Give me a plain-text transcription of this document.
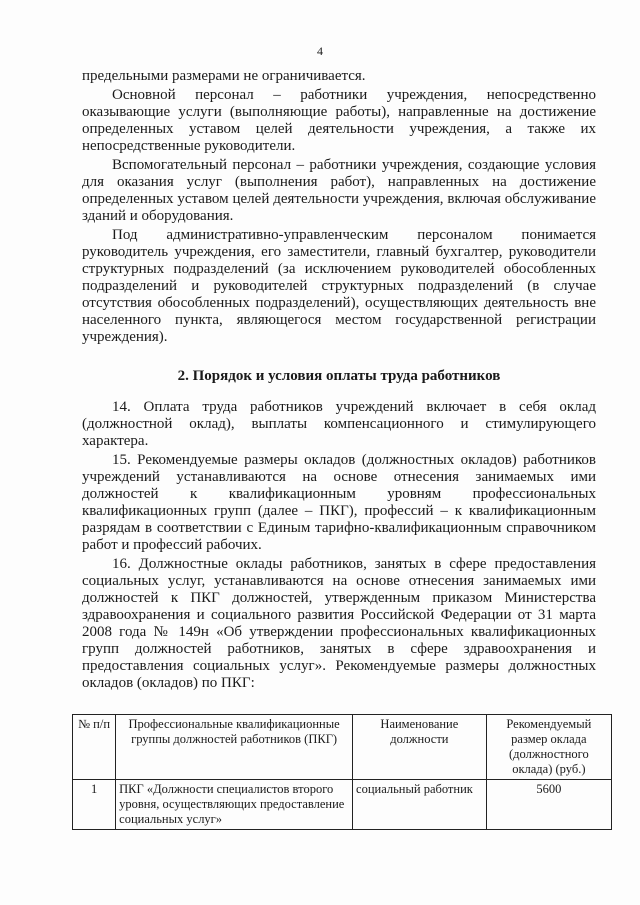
4

предельными размерами не ограничивается.

Основной персонал – работники учреждения, непосредственно оказывающие услуги (выполняющие работы), направленные на достижение определенных уставом целей деятельности учреждения, а также их непосредственные руководители.

Вспомогательный персонал – работники учреждения, создающие условия для оказания услуг (выполнения работ), направленных на достижение определенных уставом целей деятельности учреждения, включая обслуживание зданий и оборудования.

Под административно-управленческим персоналом понимается руководитель учреждения, его заместители, главный бухгалтер, руководители структурных подразделений (за исключением руководителей обособленных подразделений и руководителей структурных подразделений (в случае отсутствия обособленных подразделений), осуществляющих деятельность вне населенного пункта, являющегося местом государственной регистрации учреждения).

2. Порядок и условия оплаты труда работников

14. Оплата труда работников учреждений включает в себя оклад (должностной оклад), выплаты компенсационного и стимулирующего характера.

15. Рекомендуемые размеры окладов (должностных окладов) работников учреждений устанавливаются на основе отнесения занимаемых ими должностей к квалификационным уровням профессиональных квалификационных групп (далее – ПКГ), профессий – к квалификационным разрядам в соответствии с Единым тарифно-квалификационным справочником работ и профессий рабочих.

16. Должностные оклады работников, занятых в сфере предоставления социальных услуг, устанавливаются на основе отнесения занимаемых ими должностей к ПКГ должностей, утвержденным приказом Министерства здравоохранения и социального развития Российской Федерации от 31 марта 2008 года № 149н «Об утверждении профессиональных квалификационных групп должностей работников, занятых в сфере здравоохранения и предоставления социальных услуг». Рекомендуемые размеры должностных окладов (окладов) по ПКГ:

№ п/п	Профессиональные квалификационные группы должностей работников (ПКГ)	Наименование должности	Рекомендуемый размер оклада (должностного оклада) (руб.)
1	ПКГ «Должности специалистов второго уровня, осуществляющих предоставление социальных услуг»	социальный работник	5600
